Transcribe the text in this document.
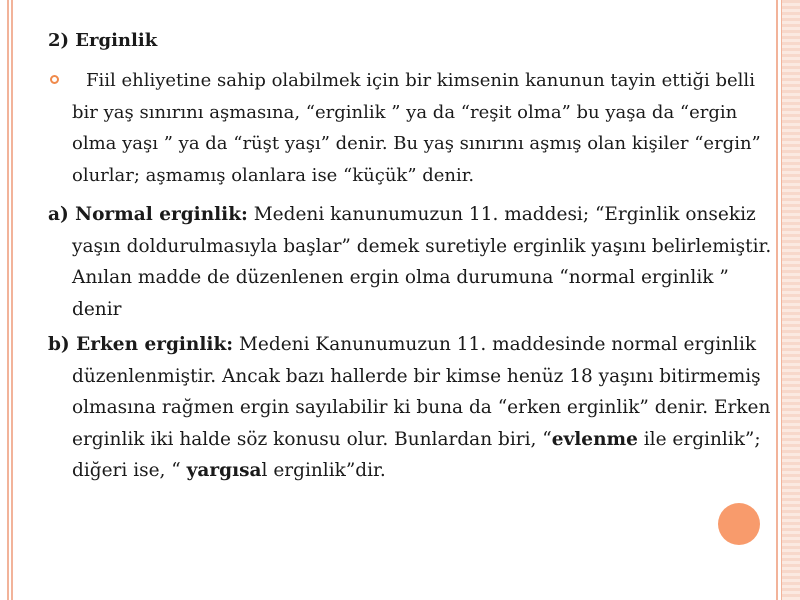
2) Erginlik
Fiil ehliyetine sahip olabilmek için bir kimsenin kanunun tayin ettiği belli bir yaş sınırını aşmasına, “erginlik ” ya da “reşit olma” bu yaşa da “ergin olma yaşı ” ya da “rüşt yaşı” denir. Bu yaş sınırını aşmış olan kişiler “ergin” olurlar; aşmamış olanlara ise “küçük” denir.

a) Normal erginlik: Medeni kanunumuzun 11. maddesi; “Erginlik onsekiz yaşın doldurulmasıyla başlar” demek suretiyle erginlik yaşını belirlemiştir. Anılan madde de düzenlenen ergin olma durumuna “normal erginlik ” denir

b) Erken erginlik: Medeni Kanunumuzun 11. maddesinde normal erginlik düzenlenmiştir. Ancak bazı hallerde bir kimse henüz 18 yaşını bitirmemiş olmasına rağmen ergin sayılabilir ki buna da “erken erginlik” denir. Erken erginlik iki halde söz konusu olur. Bunlardan biri, “evlenme ile erginlik”; diğeri ise, “ yargısal erginlik”dir.
